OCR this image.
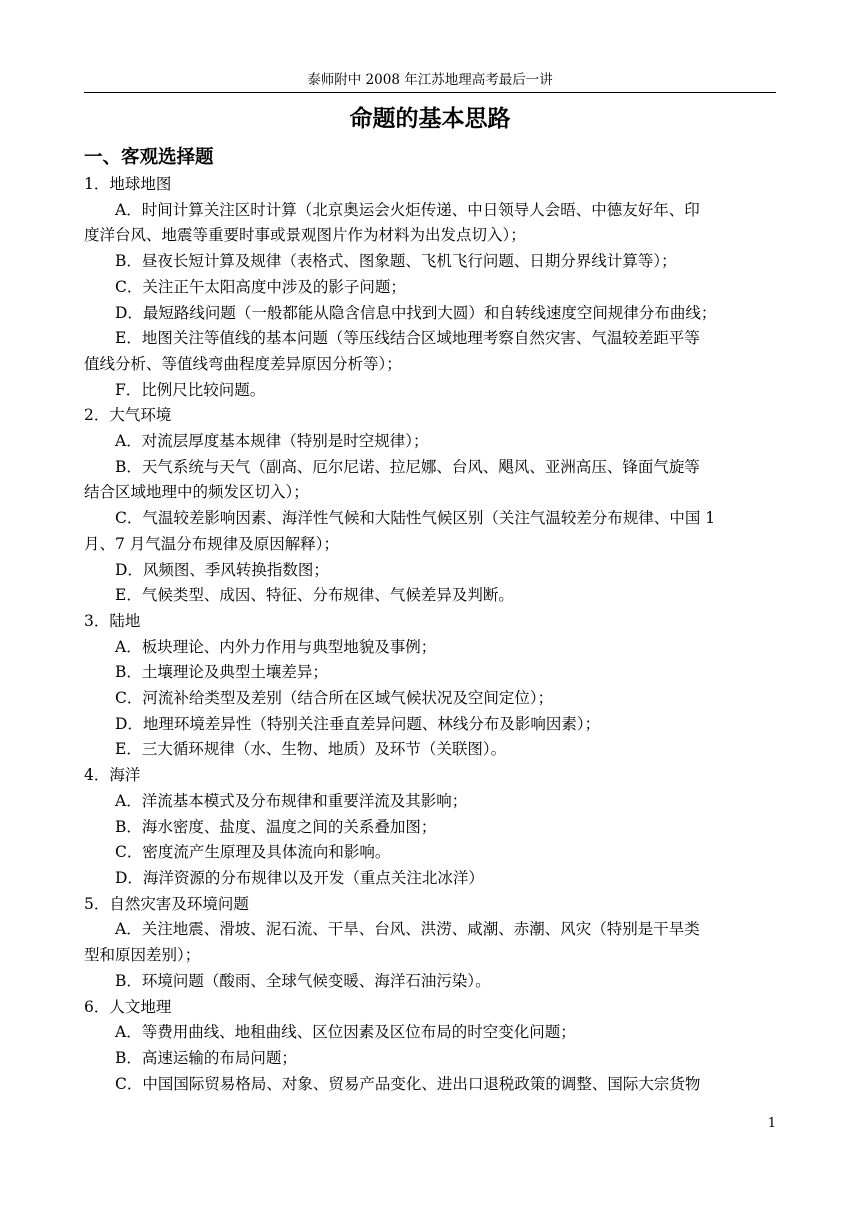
泰师附中 2008 年江苏地理高考最后一讲
命题的基本思路
一、客观选择题

1．地球地图

A．时间计算关注区时计算（北京奥运会火炬传递、中日领导人会晤、中德友好年、印

度洋台风、地震等重要时事或景观图片作为材料为出发点切入）；

B．昼夜长短计算及规律（表格式、图象题、飞机飞行问题、日期分界线计算等）；

C．关注正午太阳高度中涉及的影子问题；

D．最短路线问题（一般都能从隐含信息中找到大圆）和自转线速度空间规律分布曲线；

E．地图关注等值线的基本问题（等压线结合区域地理考察自然灾害、气温较差距平等

值线分析、等值线弯曲程度差异原因分析等）；

F．比例尺比较问题。

2．大气环境

A．对流层厚度基本规律（特别是时空规律）；

B．天气系统与天气（副高、厄尔尼诺、拉尼娜、台风、飓风、亚洲高压、锋面气旋等

结合区域地理中的频发区切入）；

C．气温较差影响因素、海洋性气候和大陆性气候区别（关注气温较差分布规律、中国 1

月、7 月气温分布规律及原因解释）；

D．风频图、季风转换指数图；

E．气候类型、成因、特征、分布规律、气候差异及判断。

3．陆地

A．板块理论、内外力作用与典型地貌及事例；

B．土壤理论及典型土壤差异；

C．河流补给类型及差别（结合所在区域气候状况及空间定位）；

D．地理环境差异性（特别关注垂直差异问题、林线分布及影响因素）；

E．三大循环规律（水、生物、地质）及环节（关联图）。

4．海洋

A．洋流基本模式及分布规律和重要洋流及其影响；

B．海水密度、盐度、温度之间的关系叠加图；

C．密度流产生原理及具体流向和影响。

D．海洋资源的分布规律以及开发（重点关注北冰洋）

5．自然灾害及环境问题

A．关注地震、滑坡、泥石流、干旱、台风、洪涝、咸潮、赤潮、风灾（特别是干旱类

型和原因差别）；

B．环境问题（酸雨、全球气候变暖、海洋石油污染）。

6．人文地理

A．等费用曲线、地租曲线、区位因素及区位布局的时空变化问题；

B．高速运输的布局问题；

C．中国国际贸易格局、对象、贸易产品变化、进出口退税政策的调整、国际大宗货物

1
